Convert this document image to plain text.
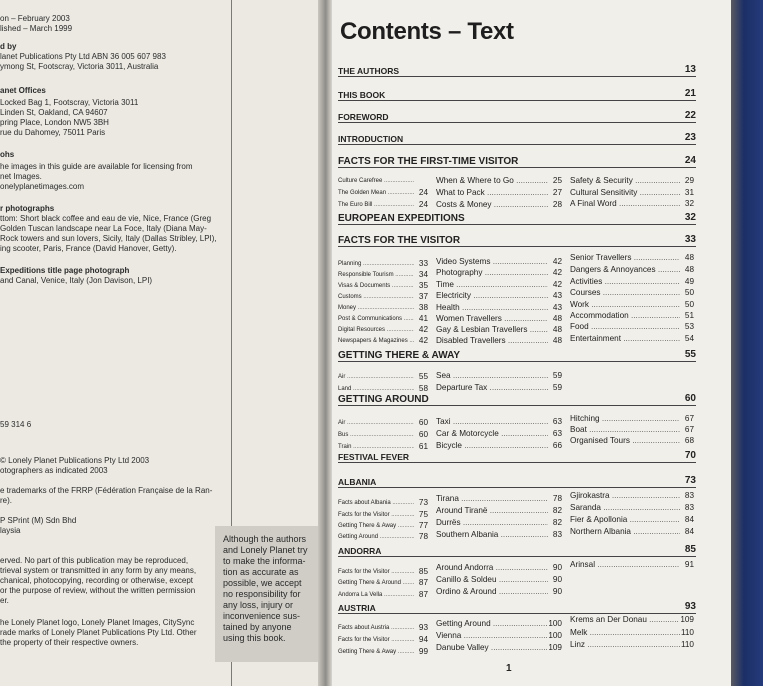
on – February 2003
lished – March 1999
d by
lanet Publications Pty Ltd ABN 36 005 607 983
ymong St, Footscray, Victoria 3011, Australia
anet Offices
Locked Bag 1, Footscray, Victoria 3011
Linden St, Oakland, CA 94607
pring Place, London NW5 3BH
rue du Dahomey, 75011 Paris
ohs
he images in this guide are available for licensing from
net Images.
onelyplanetimages.com
r photographs
ttom: Short black coffee and eau de vie, Nice, France (Greg
Golden Tuscan landscape near La Foce, Italy (Diana May-
Rock towers and sun lovers, Sicily, Italy (Dallas Stribley, LPI),
ing scooter, Paris, France (David Hanover, Getty).
Expeditions title page photograph
and Canal, Venice, Italy (Jon Davison, LPI)
59 314 6
© Lonely Planet Publications Pty Ltd 2003
otographers as indicated 2003
e trademarks of the FRRP (Fédération Française de la Ran-
re).
P SPrint (M) Sdn Bhd
laysia
erved. No part of this publication may be reproduced,
trieval system or transmitted in any form by any means,
chanical, photocopying, recording or otherwise, except
or the purpose of review, without the written permission
er.
he Lonely Planet logo, Lonely Planet Images, CitySync
rade marks of Lonely Planet Publications Pty Ltd. Other
the property of their respective owners.
Although the authors
and Lonely Planet try
to make the informa-
tion as accurate as
possible, we accept
no responsibility for
any loss, injury or
inconvenience sus-
tained by anyone
using this book.
Contents – Text
THE AUTHORS	13
THIS BOOK	21
FOREWORD	22
INTRODUCTION	23
FACTS FOR THE FIRST-TIME VISITOR	24
Culture Carefree .....
The Golden Mean .....	24
The Euro Bill .....	24
When & Where to Go .....	25
What to Pack .....	27
Costs & Money .....	28
Safety & Security .....	29
Cultural Sensitivity .....	31
A Final Word .....	32
EUROPEAN EXPEDITIONS	32
FACTS FOR THE VISITOR	33
Planning .....	33
Responsible Tourism .....	34
Visas & Documents .....	35
Customs .....	37
Money .....	38
Post & Communications .....	41
Digital Resources .....	42
Newspapers & Magazines .....	42
Video Systems .....	42
Photography .....	42
Time .....	42
Electricity .....	43
Health .....	43
Women Travellers .....	48
Gay & Lesbian Travellers .....	48
Disabled Travellers .....	48
Senior Travellers .....	48
Dangers & Annoyances .....	48
Activities .....	49
Courses .....	50
Work .....	50
Accommodation .....	51
Food .....	53
Entertainment .....	54
GETTING THERE & AWAY	55
Air .....	55
Land .....	58
Sea .....	59
Departure Tax .....	59
GETTING AROUND	60
Air .....	60
Bus .....	60
Train .....	61
Taxi .....	63
Car & Motorcycle .....	63
Bicycle .....	66
Hitching .....	67
Boat .....	67
Organised Tours .....	68
FESTIVAL FEVER	70
ALBANIA	73
Facts about Albania .....	73
Facts for the Visitor .....	75
Getting There & Away .....	77
Getting Around .....	78
Tirana .....	78
Around Tiranë .....	82
Durrës .....	82
Southern Albania .....	83
Gjirokastra .....	83
Saranda .....	83
Fier & Apollonia .....	84
Northern Albania .....	84
ANDORRA	85
Facts for the Visitor .....	85
Getting There & Around .....	87
Andorra La Vella .....	87
Around Andorra .....	90
Canillo & Soldeu .....	90
Ordino & Around .....	90
Arinsal .....	91
AUSTRIA	93
Facts about Austria .....	93
Facts for the Visitor .....	94
Getting There & Away .....	99
Getting Around .....	100
Vienna .....	100
Danube Valley .....	109
Krems an Der Donau .....	109
Melk .....	110
Linz .....	110
1
